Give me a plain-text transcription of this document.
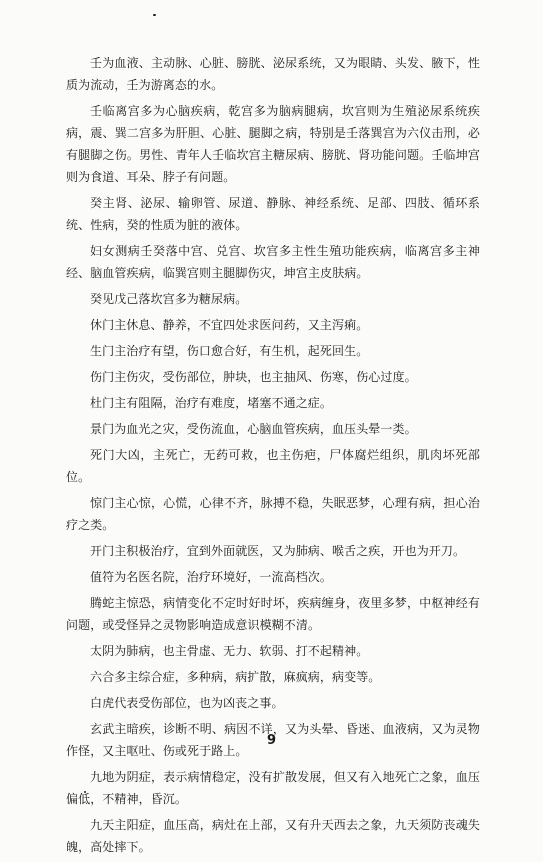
壬为血液、主动脉、心脏、膀胱、泌尿系统，又为眼睛、头发、腋下，性质为流动，壬为游离态的水。

壬临离宫多为心脑疾病，乾宫多为脑病腿病，坎宫则为生殖泌尿系统疾病，震、巽二宫多为肝胆、心脏、腿脚之病，特别是壬落巽宫为六仪击刑，必有腿脚之伤。男性、青年人壬临坎宫主糖尿病、膀胱、肾功能问题。壬临坤宫则为食道、耳朵、脖子有问题。

癸主肾、泌尿、输卵管、尿道、静脉、神经系统、足部、四肢、循环系统、性病，癸的性质为脏的液体。

妇女测病壬癸落中宫、兑宫、坎宫多主性生殖功能疾病，临离宫多主神经、脑血管疾病，临巽宫则主腿脚伤灾，坤宫主皮肤病。

癸见戊己落坎宫多为糖尿病。

休门主休息、静养，不宜四处求医问药，又主泻痢。

生门主治疗有望，伤口愈合好，有生机，起死回生。

伤门主伤灾，受伤部位，肿块，也主抽风、伤寒，伤心过度。

杜门主有阻隔，治疗有难度，堵塞不通之症。

景门为血光之灾，受伤流血，心脑血管疾病，血压头晕一类。

死门大凶，主死亡，无药可救，也主伤疤，尸体腐烂组织，肌肉坏死部位。

惊门主心惊，心慌，心律不齐，脉搏不稳，失眠恶梦，心理有病，担心治疗之类。

开门主积极治疗，宜到外面就医，又为肺病、喉舌之疾，开也为开刀。

值符为名医名院，治疗环境好，一流高档次。

腾蛇主惊恐，病情变化不定时好时坏，疾病缠身，夜里多梦，中枢神经有问题，或受怪异之灵物影响造成意识模糊不清。

太阴为肺病，也主骨虚、无力、软弱、打不起精神。

六合多主综合症，多种病，病扩散，麻疯病，病变等。

白虎代表受伤部位，也为凶丧之事。

玄武主暗疾，诊断不明、病因不详，又为头晕、昏迷、血液病，又为灵物作怪，又主呕吐、伤或死于路上。

九地为阴症，表示病情稳定，没有扩散发展，但又有入地死亡之象，血压偏低，不精神，昏沉。

九天主阳症，血压高，病灶在上部，又有升天西去之象，九天须防丧魂失魄，高处摔下。

9
